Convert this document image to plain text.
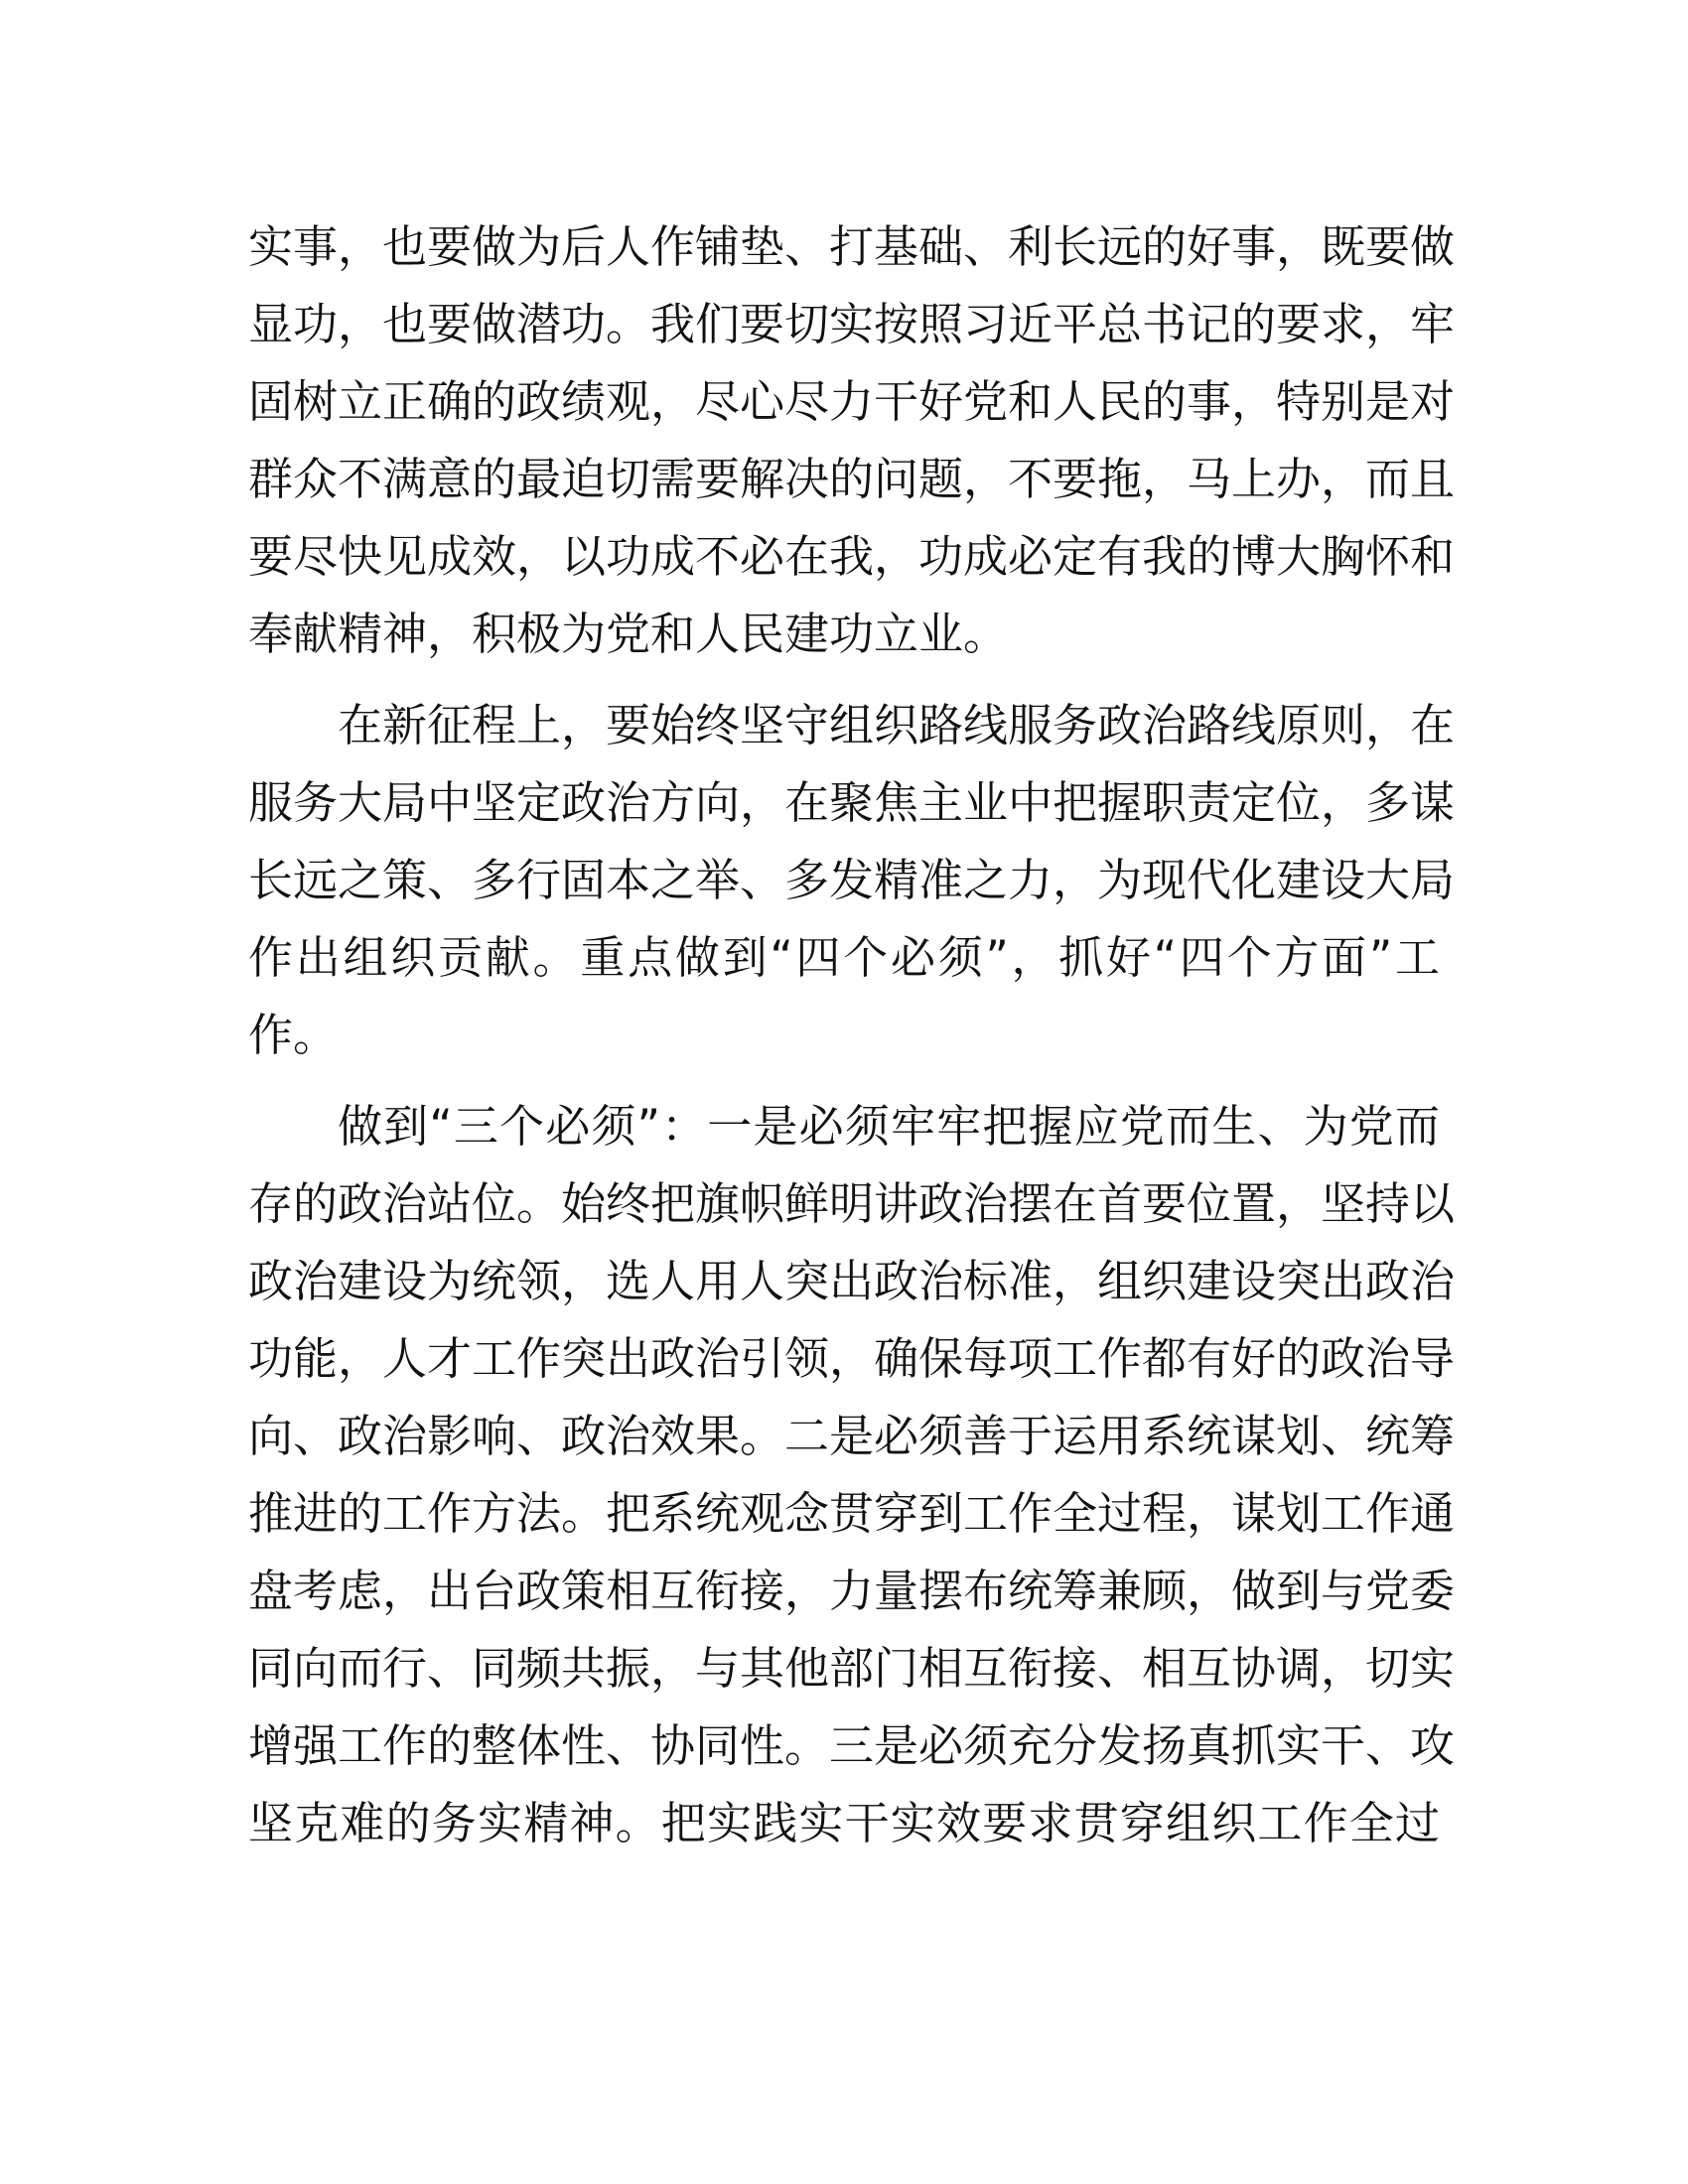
实事，也要做为后人作铺垫、打基础、利长远的好事，既要做
显功，也要做潜功。我们要切实按照习近平总书记的要求，牢
固树立正确的政绩观，尽心尽力干好党和人民的事，特别是对
群众不满意的最迫切需要解决的问题，不要拖，马上办，而且
要尽快见成效，以功成不必在我，功成必定有我的博大胸怀和
奉献精神，积极为党和人民建功立业。
在新征程上，要始终坚守组织路线服务政治路线原则，在
服务大局中坚定政治方向，在聚焦主业中把握职责定位，多谋
长远之策、多行固本之举、多发精准之力，为现代化建设大局
作出组织贡献。重点做到“四个必须”，抓好“四个方面”工
作。
做到“三个必须”：一是必须牢牢把握应党而生、为党而
存的政治站位。始终把旗帜鲜明讲政治摆在首要位置，坚持以
政治建设为统领，选人用人突出政治标准，组织建设突出政治
功能，人才工作突出政治引领，确保每项工作都有好的政治导
向、政治影响、政治效果。二是必须善于运用系统谋划、统筹
推进的工作方法。把系统观念贯穿到工作全过程，谋划工作通
盘考虑，出台政策相互衔接，力量摆布统筹兼顾，做到与党委
同向而行、同频共振，与其他部门相互衔接、相互协调，切实
增强工作的整体性、协同性。三是必须充分发扬真抓实干、攻
坚克难的务实精神。把实践实干实效要求贯穿组织工作全过
